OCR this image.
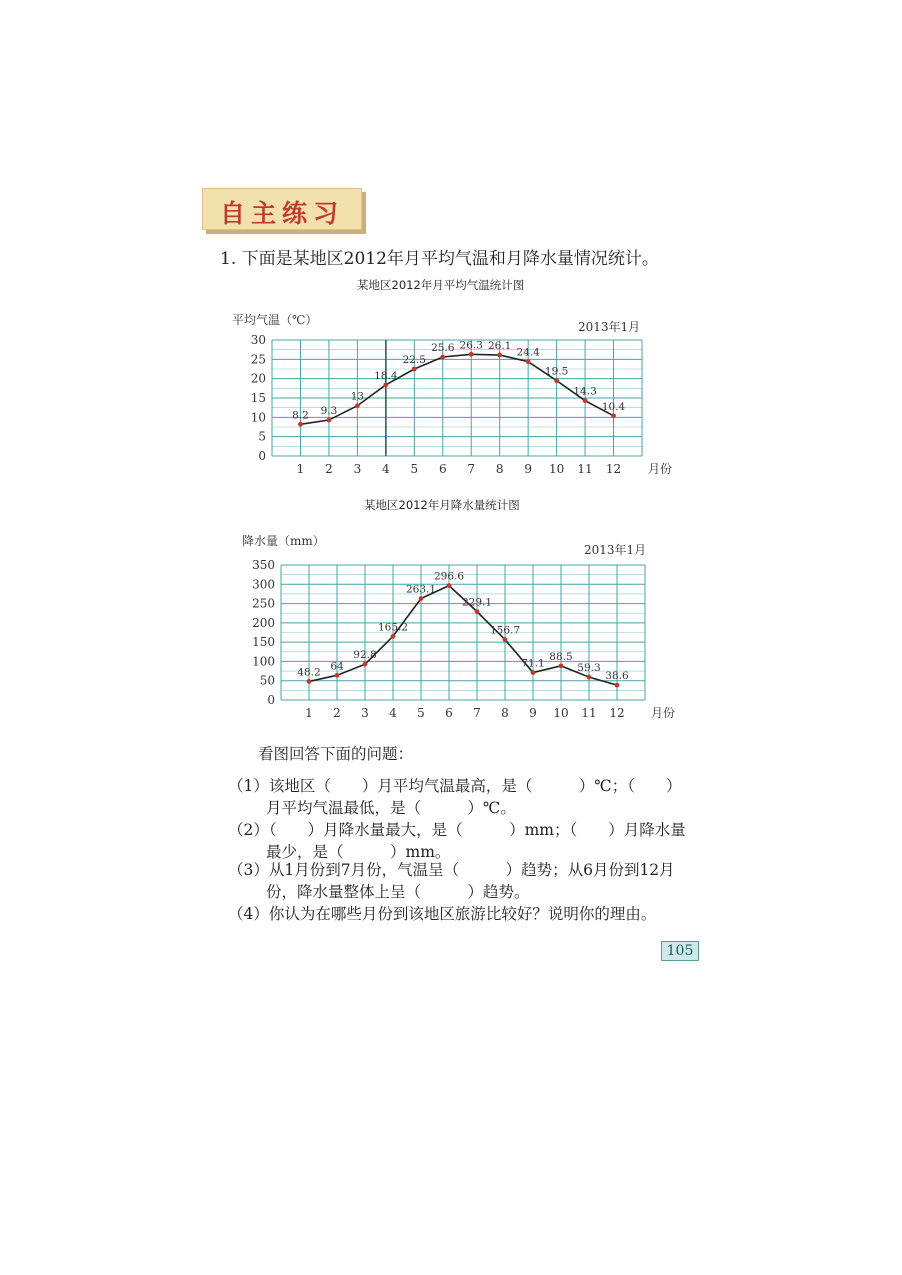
自主练习
1. 下面是某地区2012年月平均气温和月降水量情况统计。
某地区2012年月平均气温统计图
0
5
10
15
20
25
30
1 2 3 4 5 6 7 8 9 10 11 12 月份
平均气温（℃）	2013年1月
8.2 9.3
13
18.4
22.5
25.6 26.3 26.1
24.4
19.5
14.3
10.4
某地区2012年月降水量统计图
0
50
100
150
200
250
300
350
1 2 3 4 5 6 7 8 9 10 11 12 月份
降水量（mm）
2013年1月
48.2
64
92.8
165.2
263.1
296.6
229.1
156.7
71.1
88.5
59.3
38.6
看图回答下面的问题：
（1）该地区（　　）月平均气温最高，是（　　　）℃；（　　）
月平均气温最低，是（　　　）℃。
（2）（　　）月降水量最大，是（　　　）mm；（　　）月降水量
最少，是（　　　）mm。
（3）从1月份到7月份，气温呈（　　　）趋势；从6月份到12月
份，降水量整体上呈（　　　）趋势。
（4）你认为在哪些月份到该地区旅游比较好？说明你的理由。
105
